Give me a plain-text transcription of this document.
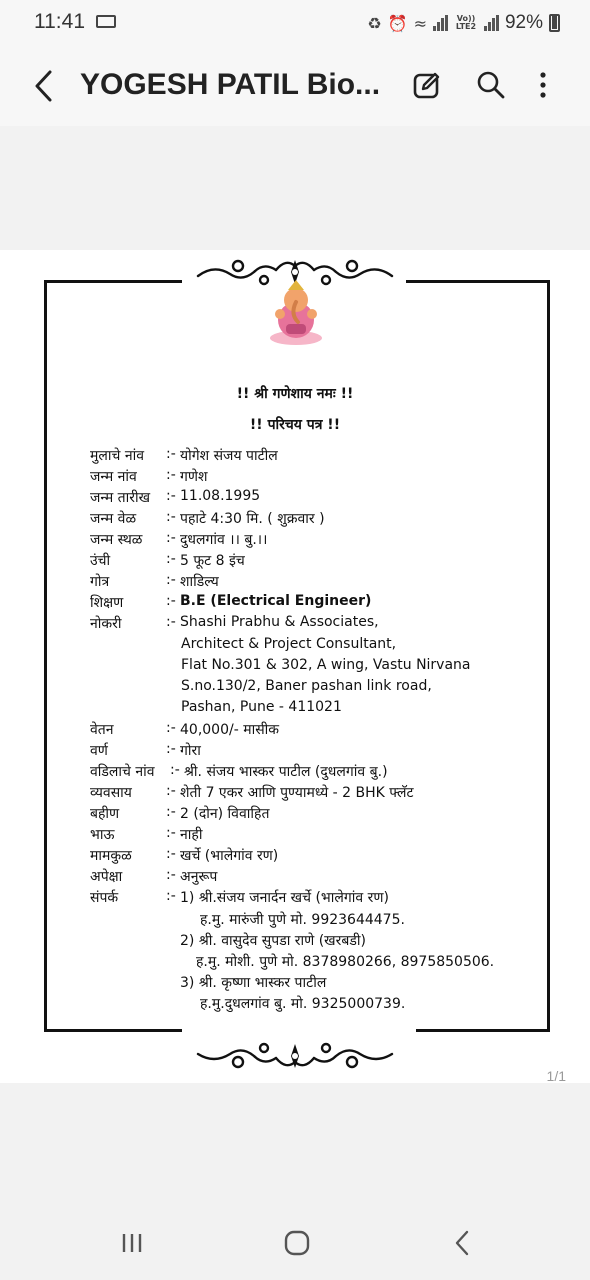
11:41	♻ ⏰ ≈	Vo)) LTE2 92%
YOGESH PATIL Bio...
!! श्री गणेशाय नमः !!
!! परिचय पत्र !!
मुलाचे नांव :- योगेश संजय पाटील
जन्म नांव :- गणेश
जन्म तारीख :- 11.08.1995
जन्म वेळ :- पहाटे 4:30 मि. ( शुक्रवार )
जन्म स्थळ :- दुधलगांव ।। बु.।।
उंची	:- 5 फूट 8 इंच
गोत्र	:- शाडिल्य
शिक्षण	:- B.E (Electrical Engineer)
नोकरी	:- Shashi Prabhu & Associates,
Architect & Project Consultant,
Flat No.301 & 302, A wing, Vastu Nirvana
S.no.130/2, Baner pashan link road,
Pashan, Pune - 411021
वेतन	:- 40,000/- मासीक
वर्ण	:- गोरा
वडिलाचे नांव :- श्री. संजय भास्कर पाटील (दुधलगांव बु.)
व्यवसाय :- शेती 7 एकर आणि पुण्यामध्ये - 2 BHK फ्लॅट
बहीण	:- 2 (दोन) विवाहित
भाऊ	:- नाही
मामकुळ :- खर्चे (भालेगांव रण)
अपेक्षा	:- अनुरूप
संपर्क	:- 1) श्री.संजय जनार्दन खर्चे (भालेगांव रण)
ह.मु. मारुंजी पुणे मो. 9923644475.
2) श्री. वासुदेव सुपडा राणे (खरबडी)
ह.मु. मोशी. पुणे मो. 8378980266, 8975850506.
3) श्री. कृष्णा भास्कर पाटील
ह.मु.दुधलगांव बु. मो. 9325000739.
1/1
